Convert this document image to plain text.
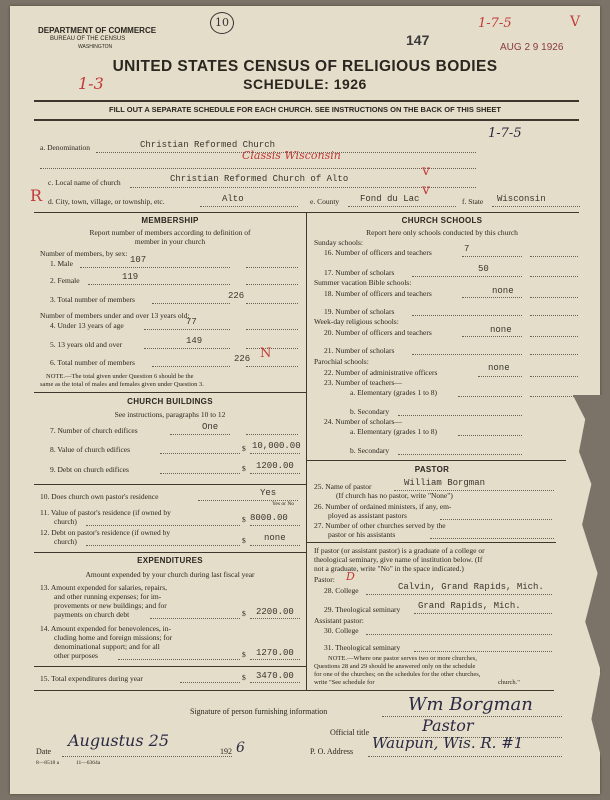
DEPARTMENT OF COMMERCE
BUREAU OF THE CENSUS
WASHINGTON
10
147
1-7-5	V
AUG 2 9 1926
UNITED STATES CENSUS OF RELIGIOUS BODIES
SCHEDULE: 1926
1-3
FILL OUT A SEPARATE SCHEDULE FOR EACH CHURCH. SEE INSTRUCTIONS ON THE BACK OF THIS SHEET
a. Denomination	Christian Reformed Church
1-7-5
Classis Wisconsin
R
c. Local name of church	Christian Reformed Church of Alto	v
d. City, town, village, or township, etc.	Alto	e. County Fond du Lac
v
f. State Wisconsin
MEMBERSHIP
Report number of members according to definition of
member in your church
Number of members, by sex:
1. Male	107
2. Female	119
3. Total number of members	226
Number of members under and over 13 years old:
4. Under 13 years of age	77
5. 13 years old and over	149
6. Total number of members	226 N
NOTE.—The total given under Question 6 should be the
same as the total of males and females given under Question 3.
CHURCH BUILDINGS
See instructions, paragraphs 10 to 12
7. Number of church edifices	One
8. Value of church edifices	$ 10,000.00
9. Debt on church edifices	$ 1200.00
10. Does church own pastor's residence	Yes
Yes or No
11. Value of pastor's residence (if owned by
church)	$ 8000.00
12. Debt on pastor's residence (if owned by
church)	$ none
EXPENDITURES
Amount expended by your church during last fiscal year
13. Amount expended for salaries, repairs,
and other running expenses; for im-
provements or new buildings; and for
payments on church debt	$ 2200.00
14. Amount expended for benevolences, in-
cluding home and foreign missions; for
denominational support; and for all
other purposes	$ 1270.00
15. Total expenditures during year	$ 3470.00
CHURCH SCHOOLS
Report here only schools conducted by this church
Sunday schools:
16. Number of officers and teachers	7
17. Number of scholars	50
Summer vacation Bible schools:
18. Number of officers and teachers	none
19. Number of scholars
Week-day religious schools:
20. Number of officers and teachers	none
21. Number of scholars
Parochial schools:
22. Number of administrative officers	none
23. Number of teachers—
a. Elementary (grades 1 to 8)
b. Secondary
24. Number of scholars—
a. Elementary (grades 1 to 8)
b. Secondary
PASTOR
25. Name of pastor	William Borgman
(If church has no pastor, write "None")
26. Number of ordained ministers, if any, em-
ployed as assistant pastors
27. Number of other churches served by the
pastor or his assistants
If pastor (or assistant pastor) is a graduate of a college or
theological seminary, give name of institution below. (If
not a graduate, write "No" in the space indicated.)
Pastor: D
28. College	Calvin, Grand Rapids, Mich.
29. Theological seminary Grand Rapids, Mich.
Assistant pastor:
30. College
31. Theological seminary
NOTE.—Where one pastor serves two or more churches,
Questions 28 and 29 should be answered only on the schedule
for one of the churches; on the schedules for the other churches,
write "See schedule for	church."
Signature of person furnishing information	Wm Borgman
Official title	Pastor
Date
Augustus 25
192 6	P. O. Address Waupun, Wis. R. #1
8—8518 a	11—6364a
